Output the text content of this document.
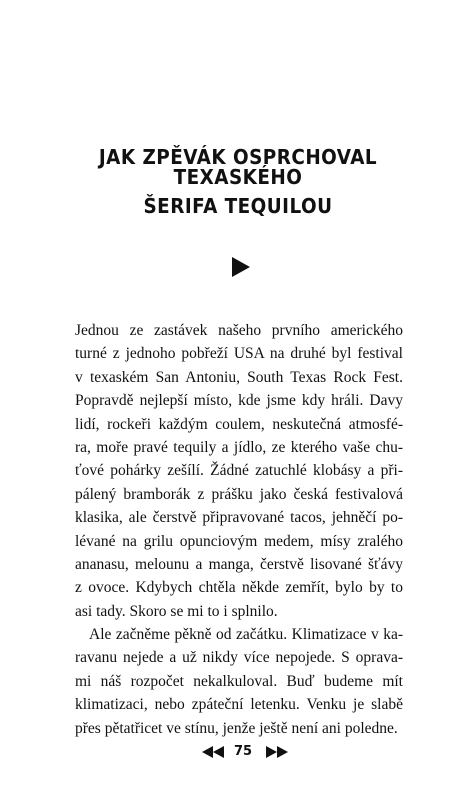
JAK ZPĚVÁK OSPRCHOVAL TEXASKÉHO
ŠERIFA TEQUILOU
Jednou ze zastávek našeho prvního amerického
turné z jednoho pobřeží USA na druhé byl festival
v texaském San Antoniu, South Texas Rock Fest.
Popravdě nejlepší místo, kde jsme kdy hráli. Davy
lidí, rockeři každým coulem, neskutečná atmosfé-
ra, moře pravé tequily a jídlo, ze kterého vaše chu-
ťové pohárky zešílí. Žádné zatuchlé klobásy a při-
pálený bramborák z prášku jako česká festivalová
klasika, ale čerstvě připravované tacos, jehněčí po-
lévané na grilu opunciovým medem, mísy zralého
ananasu, melounu a manga, čerstvě lisované šťávy
z ovoce. Kdybych chtěla někde zemřít, bylo by to
asi tady. Skoro se mi to i splnilo.
Ale začněme pěkně od začátku. Klimatizace v ka-
ravanu nejede a už nikdy více nepojede. S oprava-
mi náš rozpočet nekalkuloval. Buď budeme mít
klimatizaci, nebo zpáteční letenku. Venku je slabě
přes pětatřicet ve stínu, jenže ještě není ani poledne.
75
